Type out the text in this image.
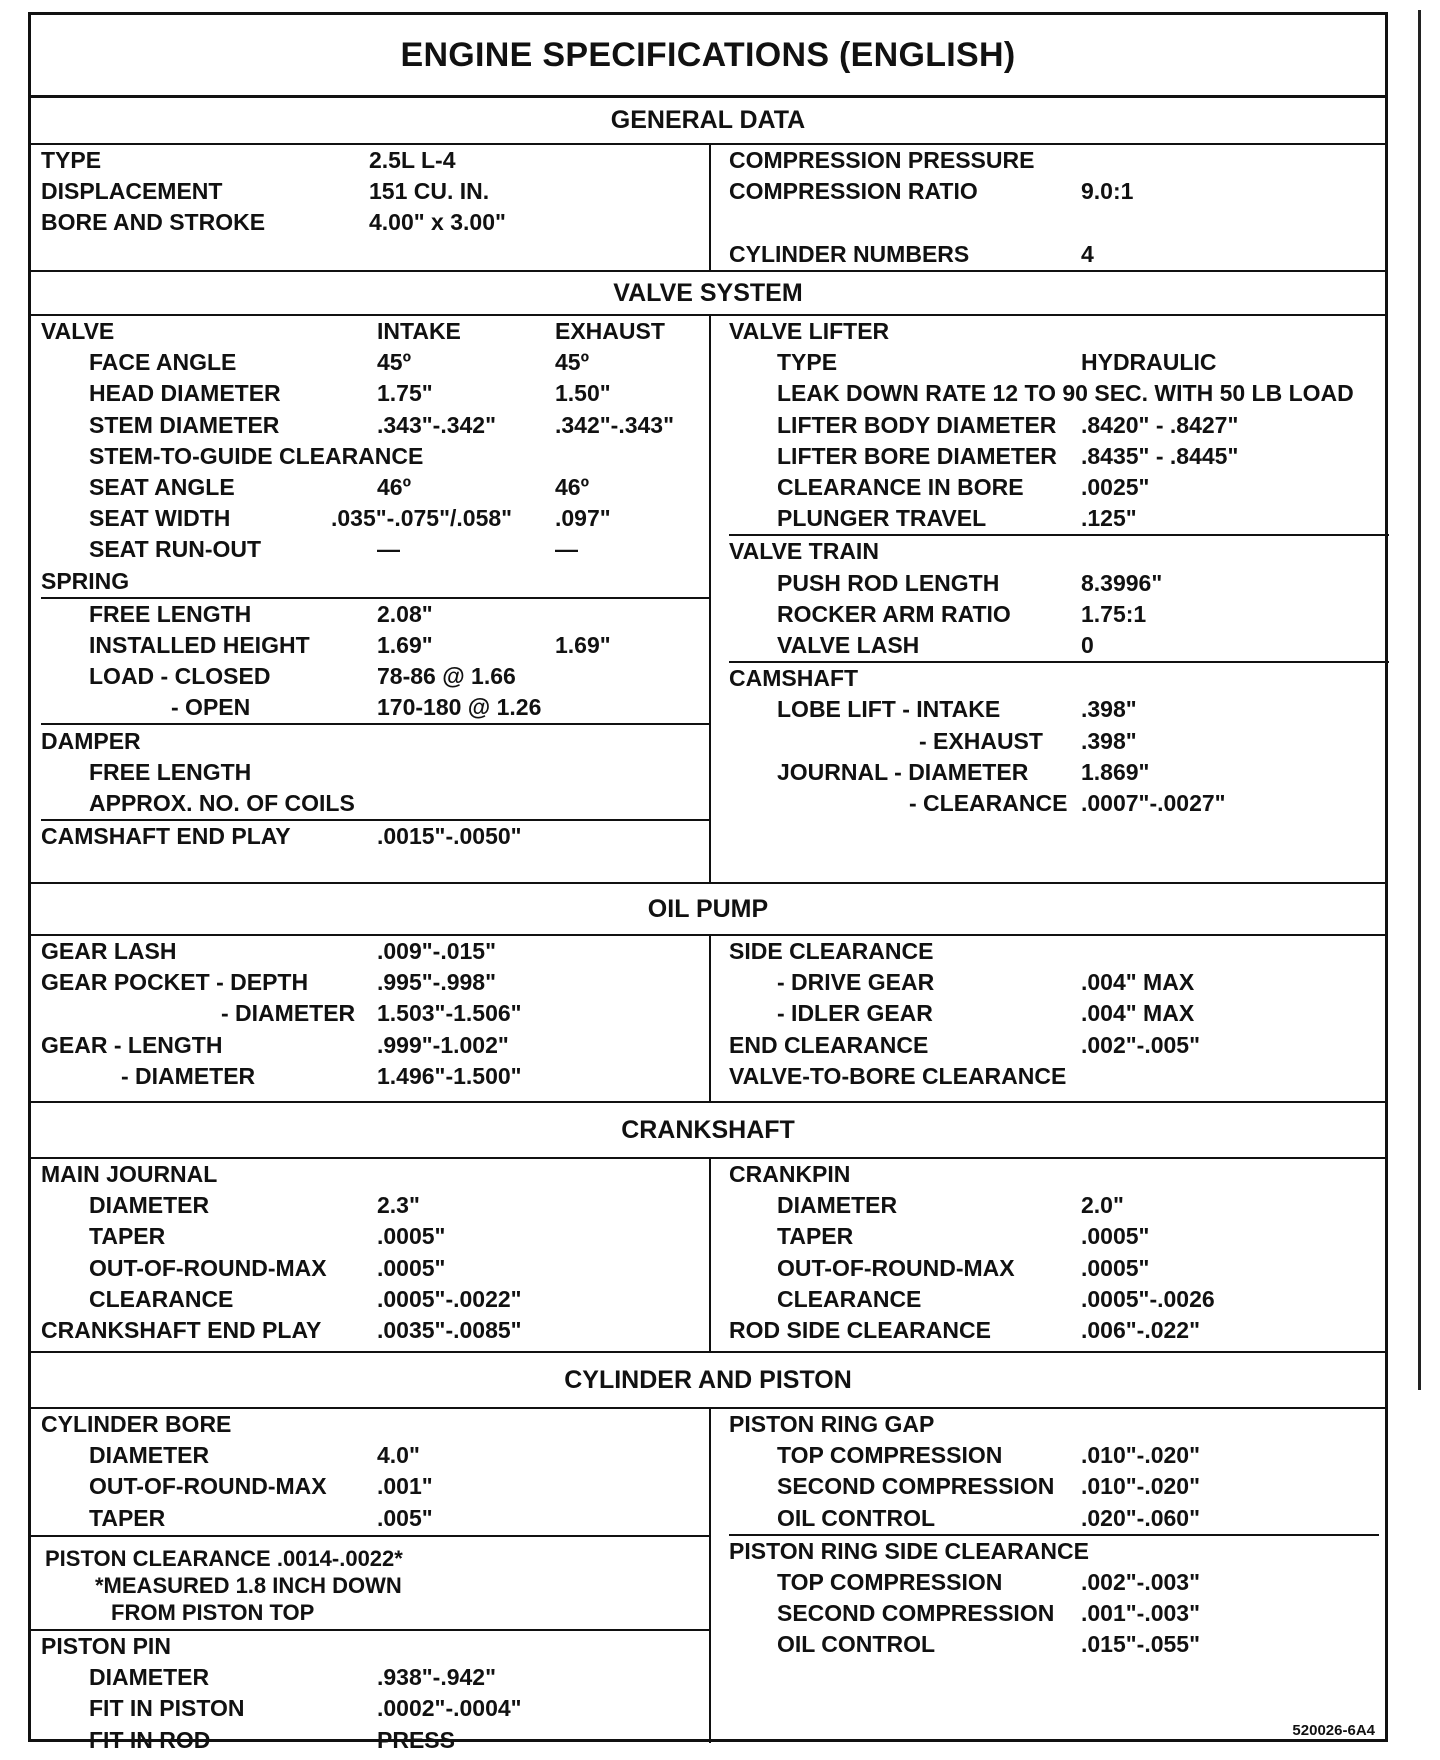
ENGINE SPECIFICATIONS (ENGLISH)
GENERAL DATA
TYPE	2.5L L-4
DISPLACEMENT	151 CU. IN.
BORE AND STROKE	4.00" x 3.00"
COMPRESSION PRESSURE
COMPRESSION RATIO	9.0:1
CYLINDER NUMBERS	4
VALVE SYSTEM
VALVE	INTAKE	EXHAUST
FACE ANGLE	45º	45º
HEAD DIAMETER	1.75"	1.50"
STEM DIAMETER	.343"-.342"	.342"-.343"
STEM-TO-GUIDE CLEARANCE
SEAT ANGLE	46º	46º
SEAT WIDTH	.035"-.075"/.058" .097"
SEAT RUN-OUT	—	—
SPRING
FREE LENGTH	2.08"
INSTALLED HEIGHT	1.69"	1.69"
LOAD - CLOSED	78-86 @ 1.66
- OPEN	170-180 @ 1.26
DAMPER
FREE LENGTH
APPROX. NO. OF COILS
CAMSHAFT END PLAY	.0015"-.0050"
VALVE LIFTER
TYPE	HYDRAULIC
LEAK DOWN RATE 12 TO 90 SEC. WITH 50 LB LOAD
LIFTER BODY DIAMETER .8420" - .8427"
LIFTER BORE DIAMETER .8435" - .8445"
CLEARANCE IN BORE .0025"
PLUNGER TRAVEL	.125"
VALVE TRAIN
PUSH ROD LENGTH	8.3996"
ROCKER ARM RATIO	1.75:1
VALVE LASH	0
CAMSHAFT
LOBE LIFT - INTAKE	.398"
- EXHAUST .398"
JOURNAL - DIAMETER 1.869"
- CLEARANCE .0007"-.0027"
OIL PUMP
GEAR LASH	.009"-.015"
GEAR POCKET - DEPTH	.995"-.998"
- DIAMETER 1.503"-1.506"
GEAR - LENGTH	.999"-1.002"
- DIAMETER	1.496"-1.500"
SIDE CLEARANCE
- DRIVE GEAR	.004" MAX
- IDLER GEAR	.004" MAX
END CLEARANCE	.002"-.005"
VALVE-TO-BORE CLEARANCE
CRANKSHAFT
MAIN JOURNAL
DIAMETER	2.3"
TAPER	.0005"
OUT-OF-ROUND-MAX .0005"
CLEARANCE	.0005"-.0022"
CRANKSHAFT END PLAY .0035"-.0085"
CRANKPIN
DIAMETER	2.0"
TAPER	.0005"
OUT-OF-ROUND-MAX	.0005"
CLEARANCE	.0005"-.0026
ROD SIDE CLEARANCE	.006"-.022"
CYLINDER AND PISTON
CYLINDER BORE
DIAMETER	4.0"
OUT-OF-ROUND-MAX .001"
TAPER	.005"
PISTON CLEARANCE .0014-.0022*
*MEASURED 1.8 INCH DOWN
FROM PISTON TOP
PISTON PIN
DIAMETER	.938"-.942"
FIT IN PISTON	.0002"-.0004"
FIT IN ROD	PRESS
PISTON RING GAP
TOP COMPRESSION	.010"-.020"
SECOND COMPRESSION .010"-.020"
OIL CONTROL	.020"-.060"
PISTON RING SIDE CLEARANCE
TOP COMPRESSION	.002"-.003"
SECOND COMPRESSION .001"-.003"
OIL CONTROL	.015"-.055"
520026-6A4
